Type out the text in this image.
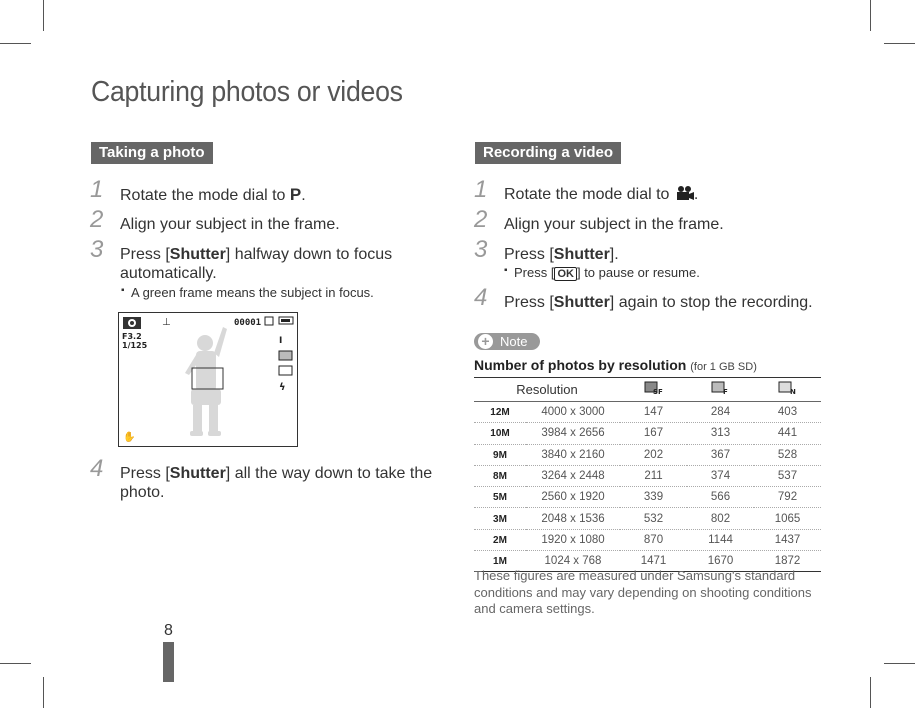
Capturing photos or videos
Taking a photo
1 Rotate the mode dial to P.
2 Align your subject in the frame.
3 Press [Shutter] halfway down to focus
automatically.
▪ A green frame means the subject in focus.
⊥	00001
F3.2
1/125	I
ϟ
✋
4 Press [Shutter] all the way down to take the
photo.
Recording a video
1 Rotate the mode dial to .
2 Align your subject in the frame.
3 Press [Shutter].
▪ Press [ OK ] to pause or resume.
4 Press [Shutter] again to stop the recording.
+ Note
Number of photos by resolution (for 1 GB SD)
Resolution		SF	F	N

12M	4000 x 3000	147	284	403
10M	3984 x 2656	167	313	441
9M	3840 x 2160	202	367	528
8M	3264 x 2448	211	374	537
5M	2560 x 1920	339	566	792
3M	2048 x 1536	532	802	1065
2M	1920 x 1080	870	1144	1437
1M	1024 x 768	1471	1670	1872
These figures are measured under Samsung's standard conditions and may vary depending on shooting conditions and camera settings.
8
